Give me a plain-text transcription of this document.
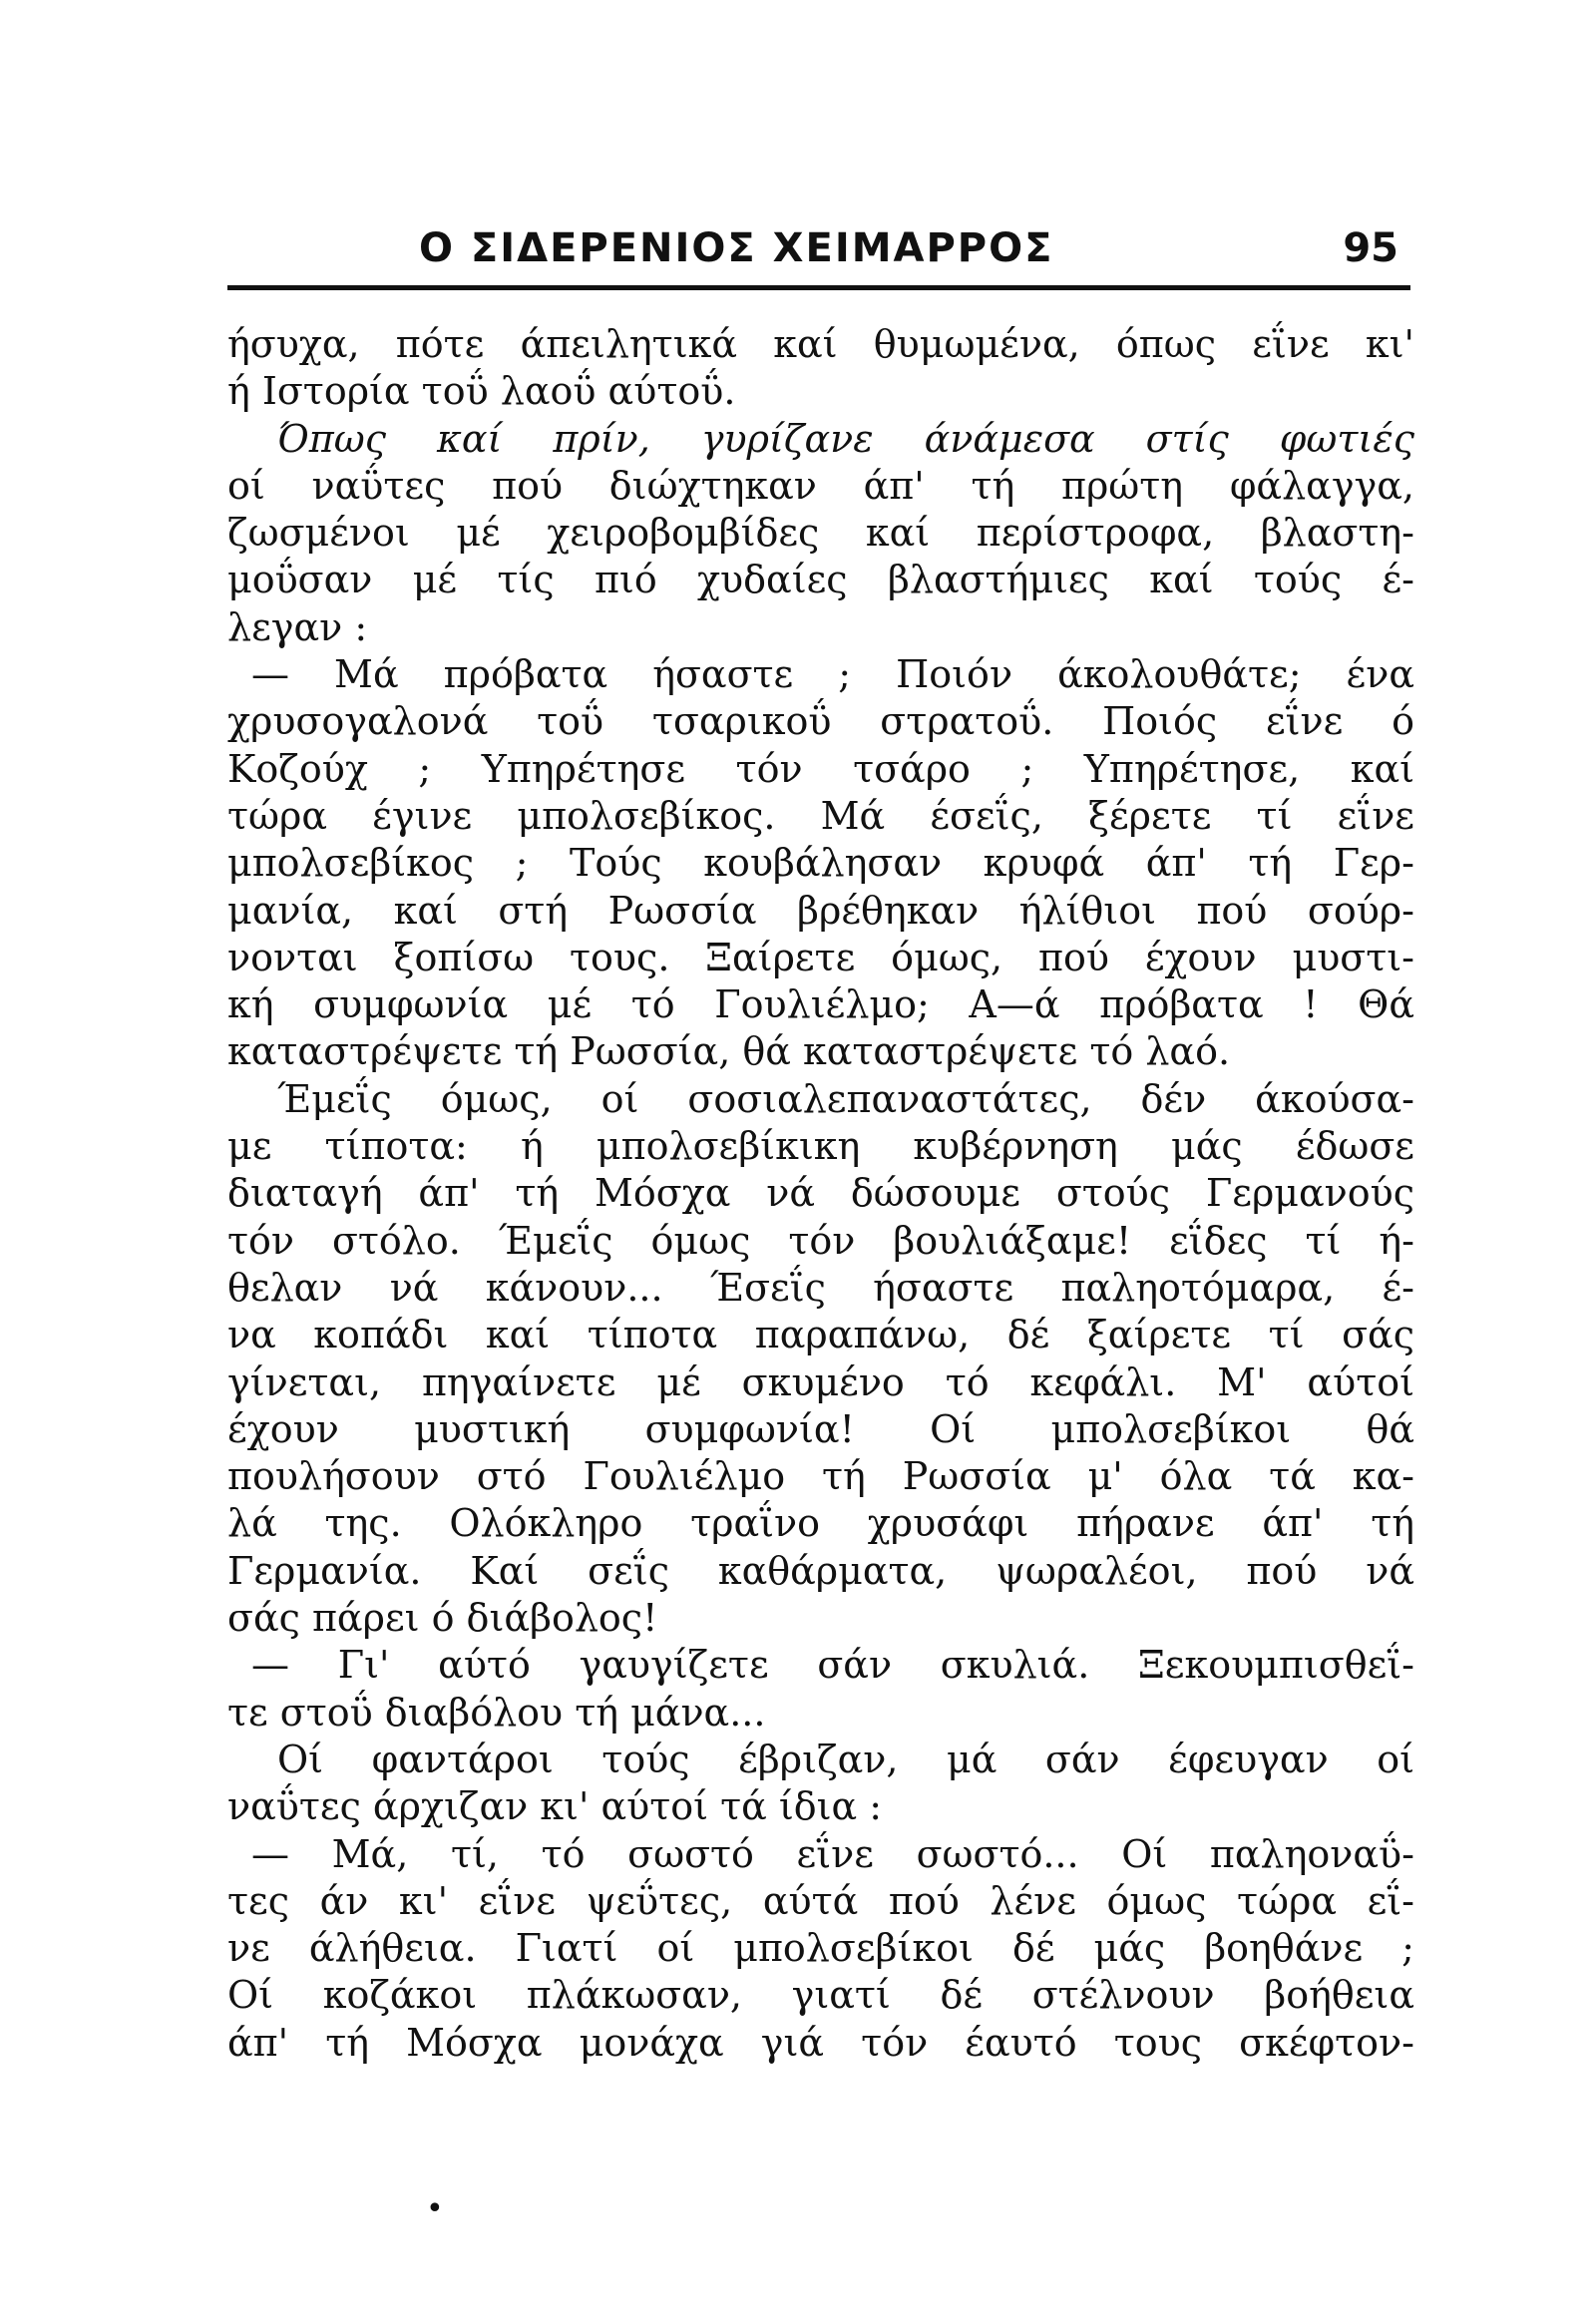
Ο ΣΙΔΕΡΕΝΙΟΣ ΧΕΙΜΑΡΡΟΣ	95
ήσυχα, πότε άπειλητικά καί θυμωμένα, όπως εΐνε κι'
ή Ιστορία τοΰ λαοΰ αύτοΰ.
Όπως καί πρίν, γυρίζανε άνάμεσα στίς φωτιές
οί ναΰτες πού διώχτηκαν άπ' τή πρώτη φάλαγγα,
ζωσμένοι μέ χειροβομβίδες καί περίστροφα, βλαστη-
μοΰσαν μέ τίς πιό χυδαίες βλαστήμιες καί τούς έ-
λεγαν :
— Μά πρόβατα ήσαστε ; Ποιόν άκολουθάτε; ένα
χρυσογαλονά τοΰ τσαρικοΰ στρατοΰ. Ποιός εΐνε ό
Κοζούχ ; Υπηρέτησε τόν τσάρο ; Υπηρέτησε, καί
τώρα έγινε μπολσεβίκος. Μά έσεΐς, ξέρετε τί εΐνε
μπολσεβίκος ; Τούς κουβάλησαν κρυφά άπ' τή Γερ-
μανία, καί στή Ρωσσία βρέθηκαν ήλίθιοι πού σούρ-
νονται ξοπίσω τους. Ξαίρετε όμως, πού έχουν μυστι-
κή συμφωνία μέ τό Γουλιέλμο; Α—ά πρόβατα ! Θά
καταστρέψετε τή Ρωσσία, θά καταστρέψετε τό λαό.
Έμεΐς όμως, οί σοσιαλεπαναστάτες, δέν άκούσα-
με τίποτα: ή μπολσεβίκικη κυβέρνηση μάς έδωσε
διαταγή άπ' τή Μόσχα νά δώσουμε στούς Γερμανούς
τόν στόλο. Έμεΐς όμως τόν βουλιάξαμε! εΐδες τί ή-
θελαν νά κάνουν... Έσεΐς ήσαστε παληοτόμαρα, έ-
να κοπάδι καί τίποτα παραπάνω, δέ ξαίρετε τί σάς
γίνεται, πηγαίνετε μέ σκυμένο τό κεφάλι. Μ' αύτοί
έχουν μυστική συμφωνία! Οί μπολσεβίκοι θά
πουλήσουν στό Γουλιέλμο τή Ρωσσία μ' όλα τά κα-
λά της. Ολόκληρο τραΐνο χρυσάφι πήρανε άπ' τή
Γερμανία. Καί σεΐς καθάρματα, ψωραλέοι, πού νά
σάς πάρει ό διάβολος!
— Γι' αύτό γαυγίζετε σάν σκυλιά. Ξεκουμπισθεΐ-
τε στοΰ διαβόλου τή μάνα...
Οί φαντάροι τούς έβριζαν, μά σάν έφευγαν οί
ναΰτες άρχιζαν κι' αύτοί τά ίδια :
— Μά, τί, τό σωστό εΐνε σωστό... Οί παληοναΰ-
τες άν κι' εΐνε ψεΰτες, αύτά πού λένε όμως τώρα εΐ-
νε άλήθεια. Γιατί οί μπολσεβίκοι δέ μάς βοηθάνε ;
Οί κοζάκοι πλάκωσαν, γιατί δέ στέλνουν βοήθεια
άπ' τή Μόσχα μονάχα γιά τόν έαυτό τους σκέφτον-
•
